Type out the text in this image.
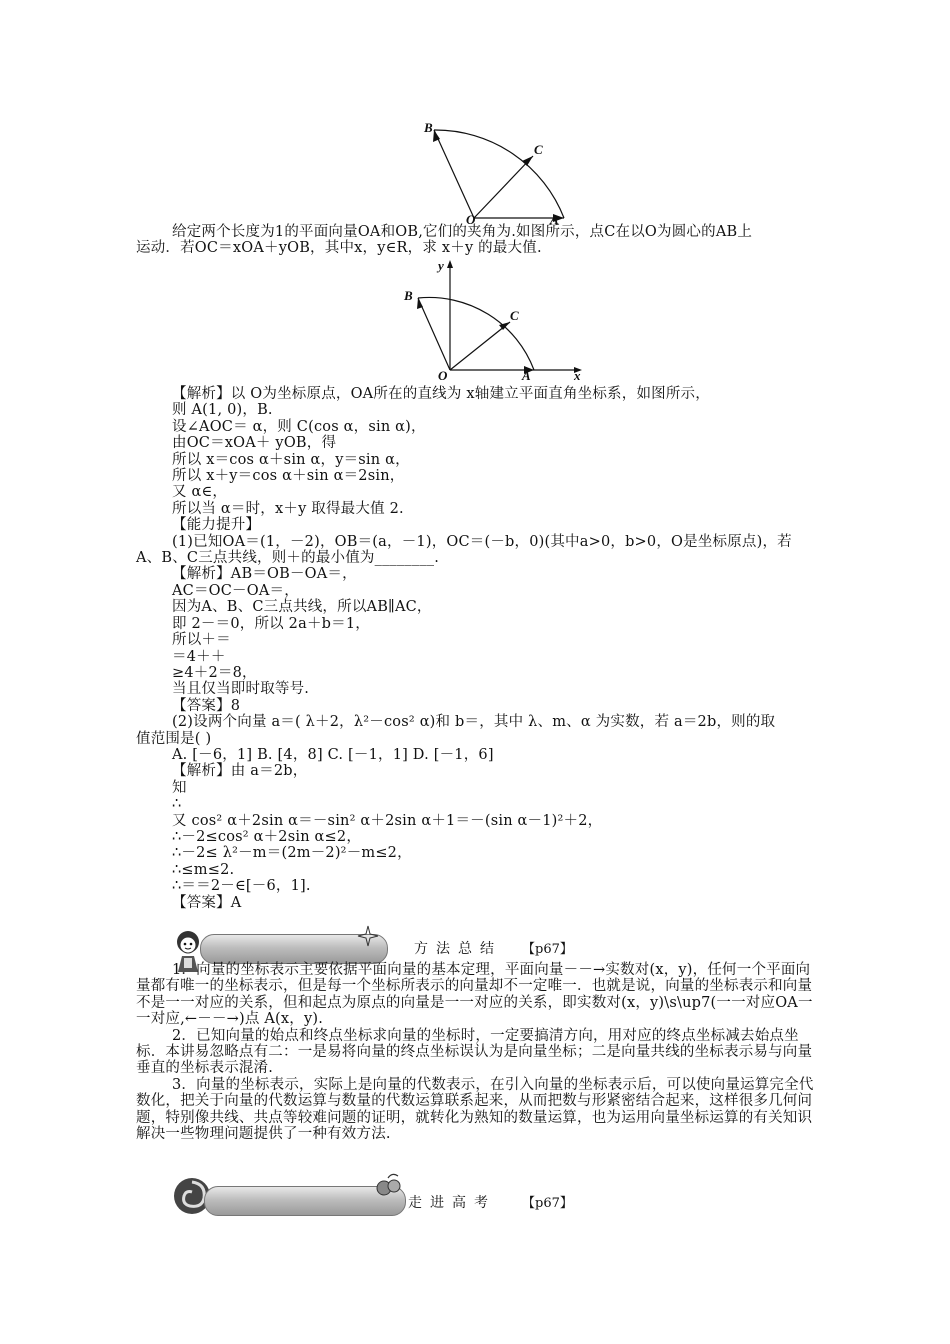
B
C
O	A
给定两个长度为1的平面向量OA和OB,它们的夹角为.如图所示，点C在以O为圆心的AB上
运动．若OC＝xOA＋yOB，其中x，y∈R，求 x＋y 的最大值.
y
B
C
O	A	x
【解析】以 O为坐标原点，OA所在的直线为 x轴建立平面直角坐标系，如图所示，
则 A(1, 0)，B.
设∠AOC＝ α，则 C(cos α，sin α)，
由OC＝xOA＋ yOB，得
所以 x＝cos α＋sin α，y＝sin α，
所以 x＋y＝cos α＋sin α＝2sin，
又 α∈，
所以当 α＝时，x＋y 取得最大值 2.
【能力提升】
(1)已知OA＝(1，－2)，OB＝(a，－1)，OC＝(－b，0)(其中a>0，b>0，O是坐标原点)，若
A、B、C三点共线，则＋的最小值为________.
【解析】AB＝OB－OA＝，
AC＝OC－OA＝，
因为A、B、C三点共线，所以AB∥AC，
即 2－＝0，所以 2a＋b＝1，
所以＋＝
＝4＋＋
≥4＋2＝8，
当且仅当即时取等号.
【答案】8
(2)设两个向量 a＝( λ＋2，λ²－cos² α)和 b＝，其中 λ、m、α 为实数，若 a＝2b，则的取
值范围是( )
A. [－6，1] B. [4，8] C. [－1，1] D. [－1，6]
【解析】由 a＝2b，
知
∴
又 cos² α＋2sin α＝－sin² α＋2sin α＋1＝－(sin α－1)²＋2，
∴－2≤cos² α＋2sin α≤2，
∴－2≤ λ²－m＝(2m－2)²－m≤2，
∴≤m≤2.
∴＝＝2－∈[－6，1].
【答案】A
方法总结 【p67】
1．向量的坐标表示主要依据平面向量的基本定理，平面向量－－→实数对(x，y)，任何一个平面向量都有唯一的坐标表示，但是每一个坐标所表示的向量却不一定唯一．也就是说，向量的坐标表示和向量不是一一对应的关系，但和起点为原点的向量是一一对应的关系，即实数对(x，y)\s\up7(一一对应OA一一对应,←－－→)点 A(x，y).
2．已知向量的始点和终点坐标求向量的坐标时，一定要搞清方向，用对应的终点坐标减去始点坐标．本讲易忽略点有二：一是易将向量的终点坐标误认为是向量坐标；二是向量共线的坐标表示易与向量垂直的坐标表示混淆.
3．向量的坐标表示，实际上是向量的代数表示，在引入向量的坐标表示后，可以使向量运算完全代数化，把关于向量的代数运算与数量的代数运算联系起来，从而把数与形紧密结合起来，这样很多几何问题，特别像共线、共点等较难问题的证明，就转化为熟知的数量运算，也为运用向量坐标运算的有关知识解决一些物理问题提供了一种有效方法.
走进高考 【p67】
